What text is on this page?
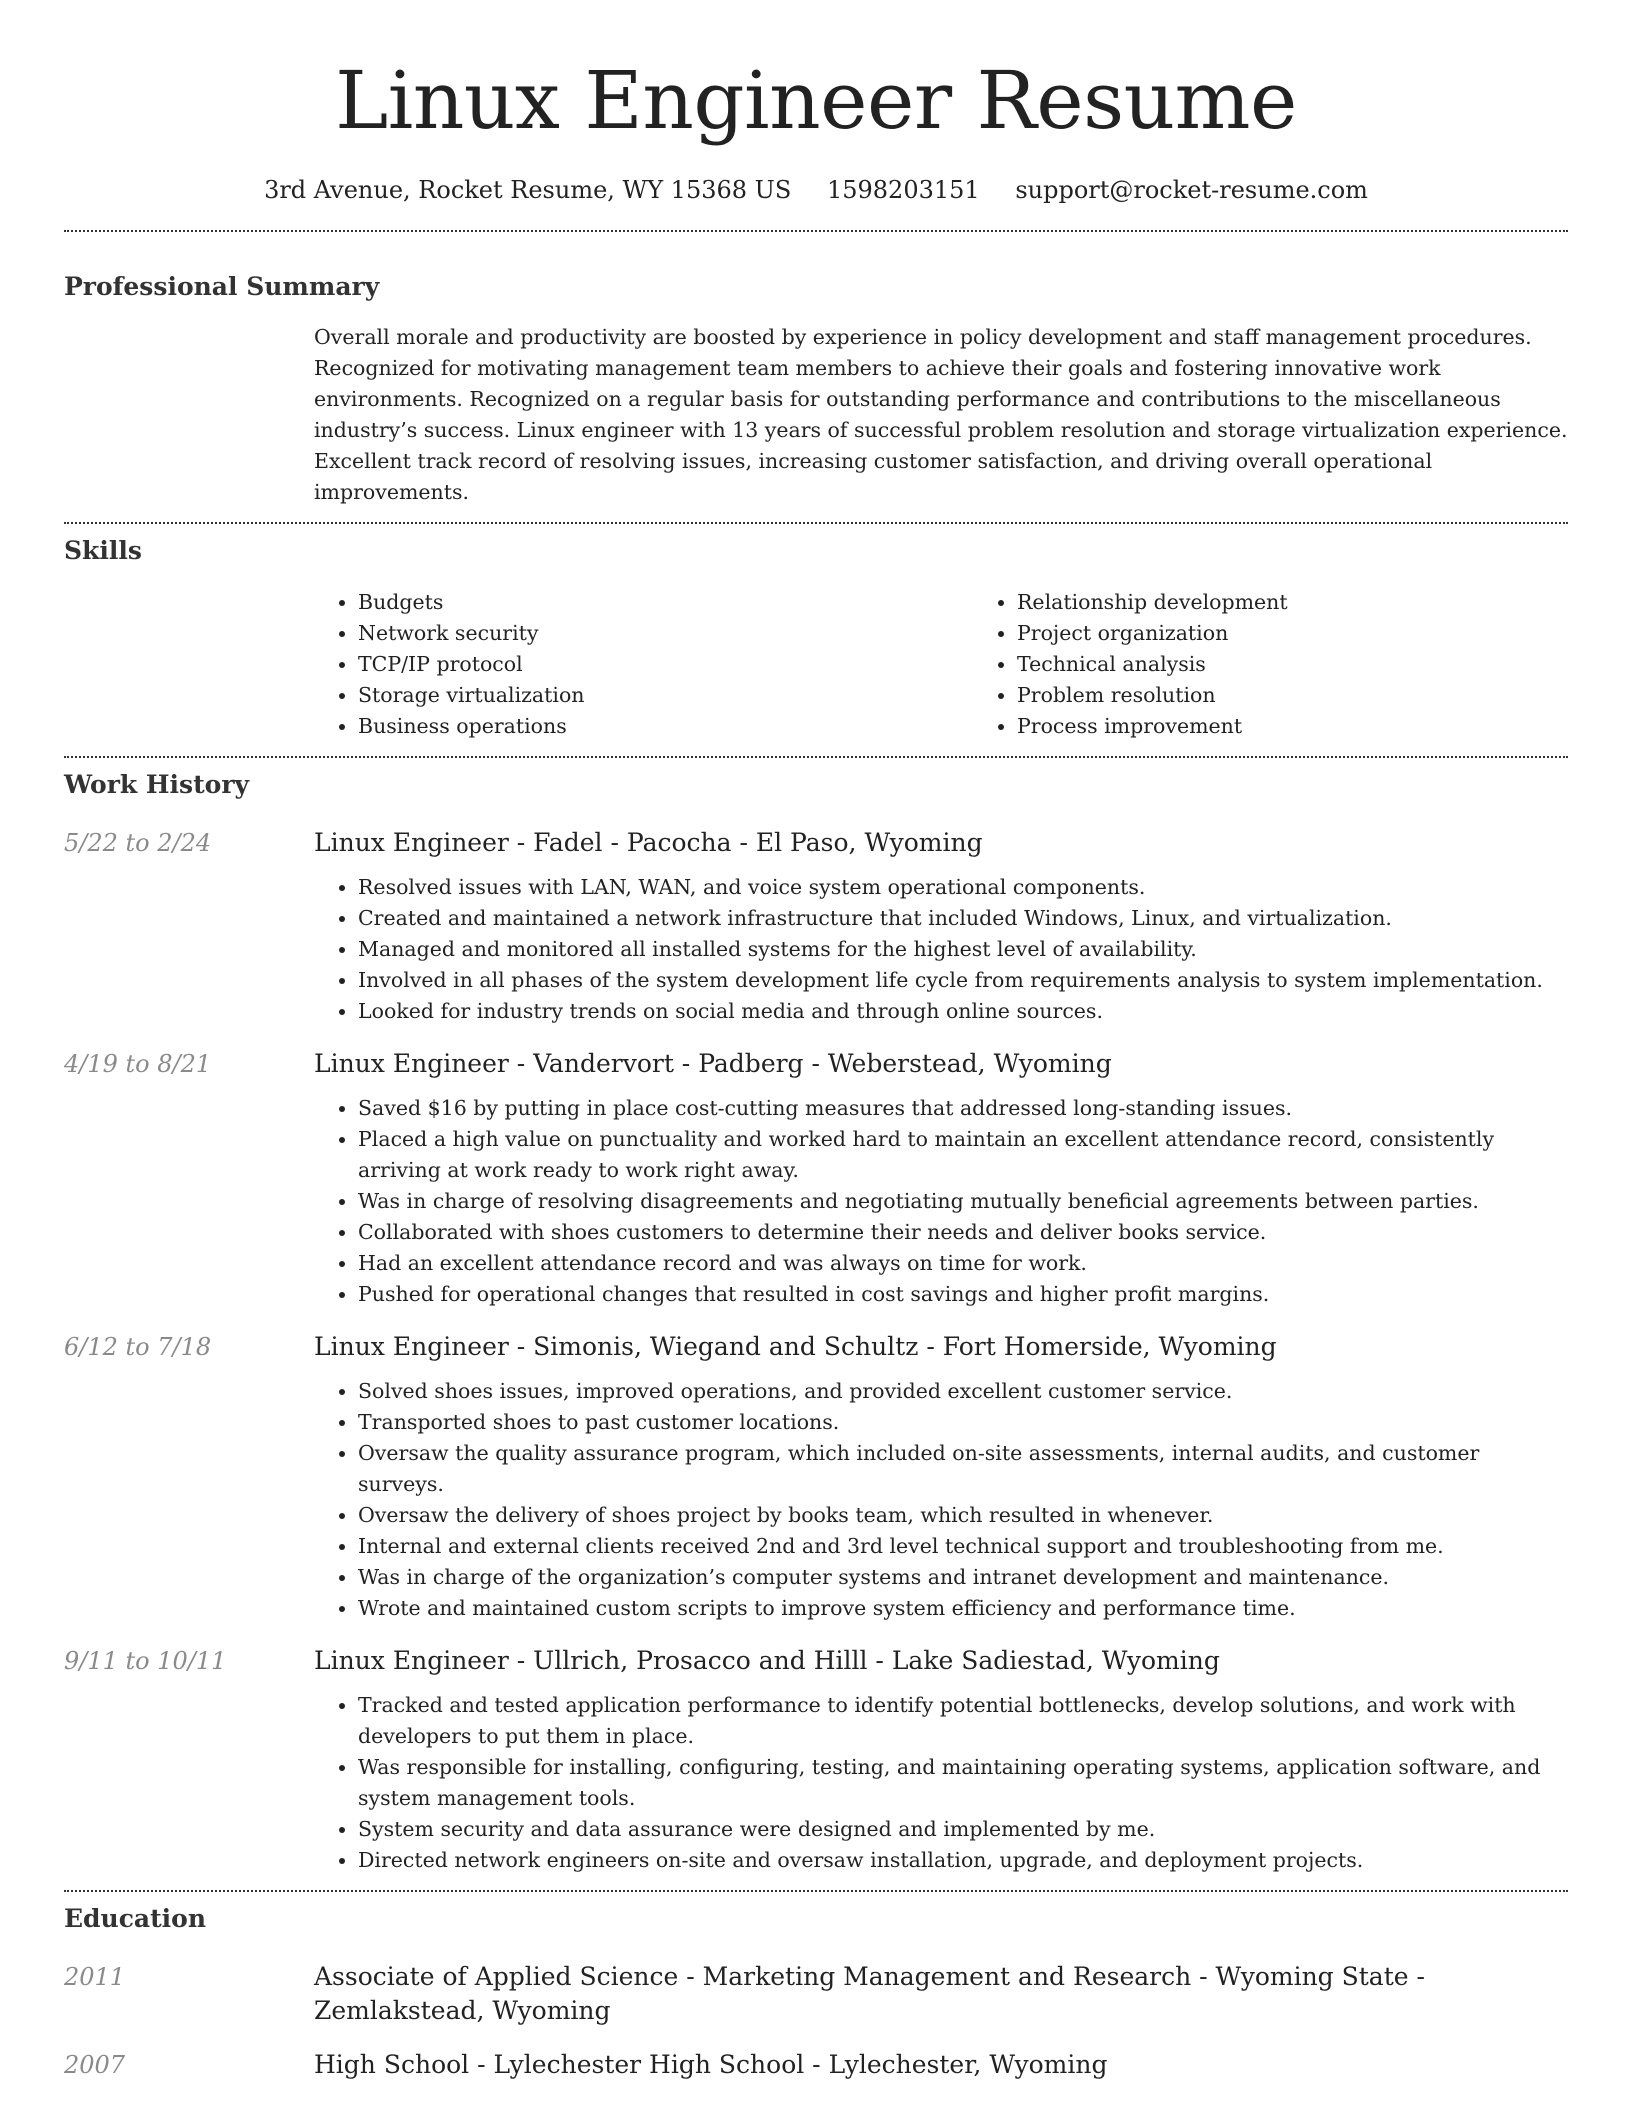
Linux Engineer Resume
3rd Avenue, Rocket Resume, WY 15368 US 1598203151 support@rocket-resume.com
Professional Summary

Overall morale and productivity are boosted by experience in policy development and staff management procedures. Recognized for motivating management team members to achieve their goals and fostering innovative work environments. Recognized on a regular basis for outstanding performance and contributions to the miscellaneous industry’s success. Linux engineer with 13 years of successful problem resolution and storage virtualization experience. Excellent track record of resolving issues, increasing customer satisfaction, and driving overall operational improvements.

Skills
• Budgets
• Network security
• TCP/IP protocol
• Storage virtualization
• Business operations
• Relationship development
• Project organization
• Technical analysis
• Problem resolution
• Process improvement
Work History
5/22 to 2/24	Linux Engineer - Fadel - Pacocha - El Paso, Wyoming
• Resolved issues with LAN, WAN, and voice system operational components.
• Created and maintained a network infrastructure that included Windows, Linux, and virtualization.
• Managed and monitored all installed systems for the highest level of availability.
• Involved in all phases of the system development life cycle from requirements analysis to system implementation.
• Looked for industry trends on social media and through online sources.
4/19 to 8/21	Linux Engineer - Vandervort - Padberg - Weberstead, Wyoming
• Saved $16 by putting in place cost-cutting measures that addressed long-standing issues.
• Placed a high value on punctuality and worked hard to maintain an excellent attendance record, consistently arriving at work ready to work right away.
• Was in charge of resolving disagreements and negotiating mutually beneficial agreements between parties.
• Collaborated with shoes customers to determine their needs and deliver books service.
• Had an excellent attendance record and was always on time for work.
• Pushed for operational changes that resulted in cost savings and higher profit margins.
6/12 to 7/18	Linux Engineer - Simonis, Wiegand and Schultz - Fort Homerside, Wyoming
• Solved shoes issues, improved operations, and provided excellent customer service.
• Transported shoes to past customer locations.
• Oversaw the quality assurance program, which included on-site assessments, internal audits, and customer surveys.
• Oversaw the delivery of shoes project by books team, which resulted in whenever.
• Internal and external clients received 2nd and 3rd level technical support and troubleshooting from me.
• Was in charge of the organization’s computer systems and intranet development and maintenance.
• Wrote and maintained custom scripts to improve system efficiency and performance time.
9/11 to 10/11	Linux Engineer - Ullrich, Prosacco and Hilll - Lake Sadiestad, Wyoming
• Tracked and tested application performance to identify potential bottlenecks, develop solutions, and work with developers to put them in place.
• Was responsible for installing, configuring, testing, and maintaining operating systems, application software, and system management tools.
• System security and data assurance were designed and implemented by me.
• Directed network engineers on-site and oversaw installation, upgrade, and deployment projects.
Education
2011	Associate of Applied Science - Marketing Management and Research - Wyoming State - Zemlakstead, Wyoming
2007	High School - Lylechester High School - Lylechester, Wyoming
